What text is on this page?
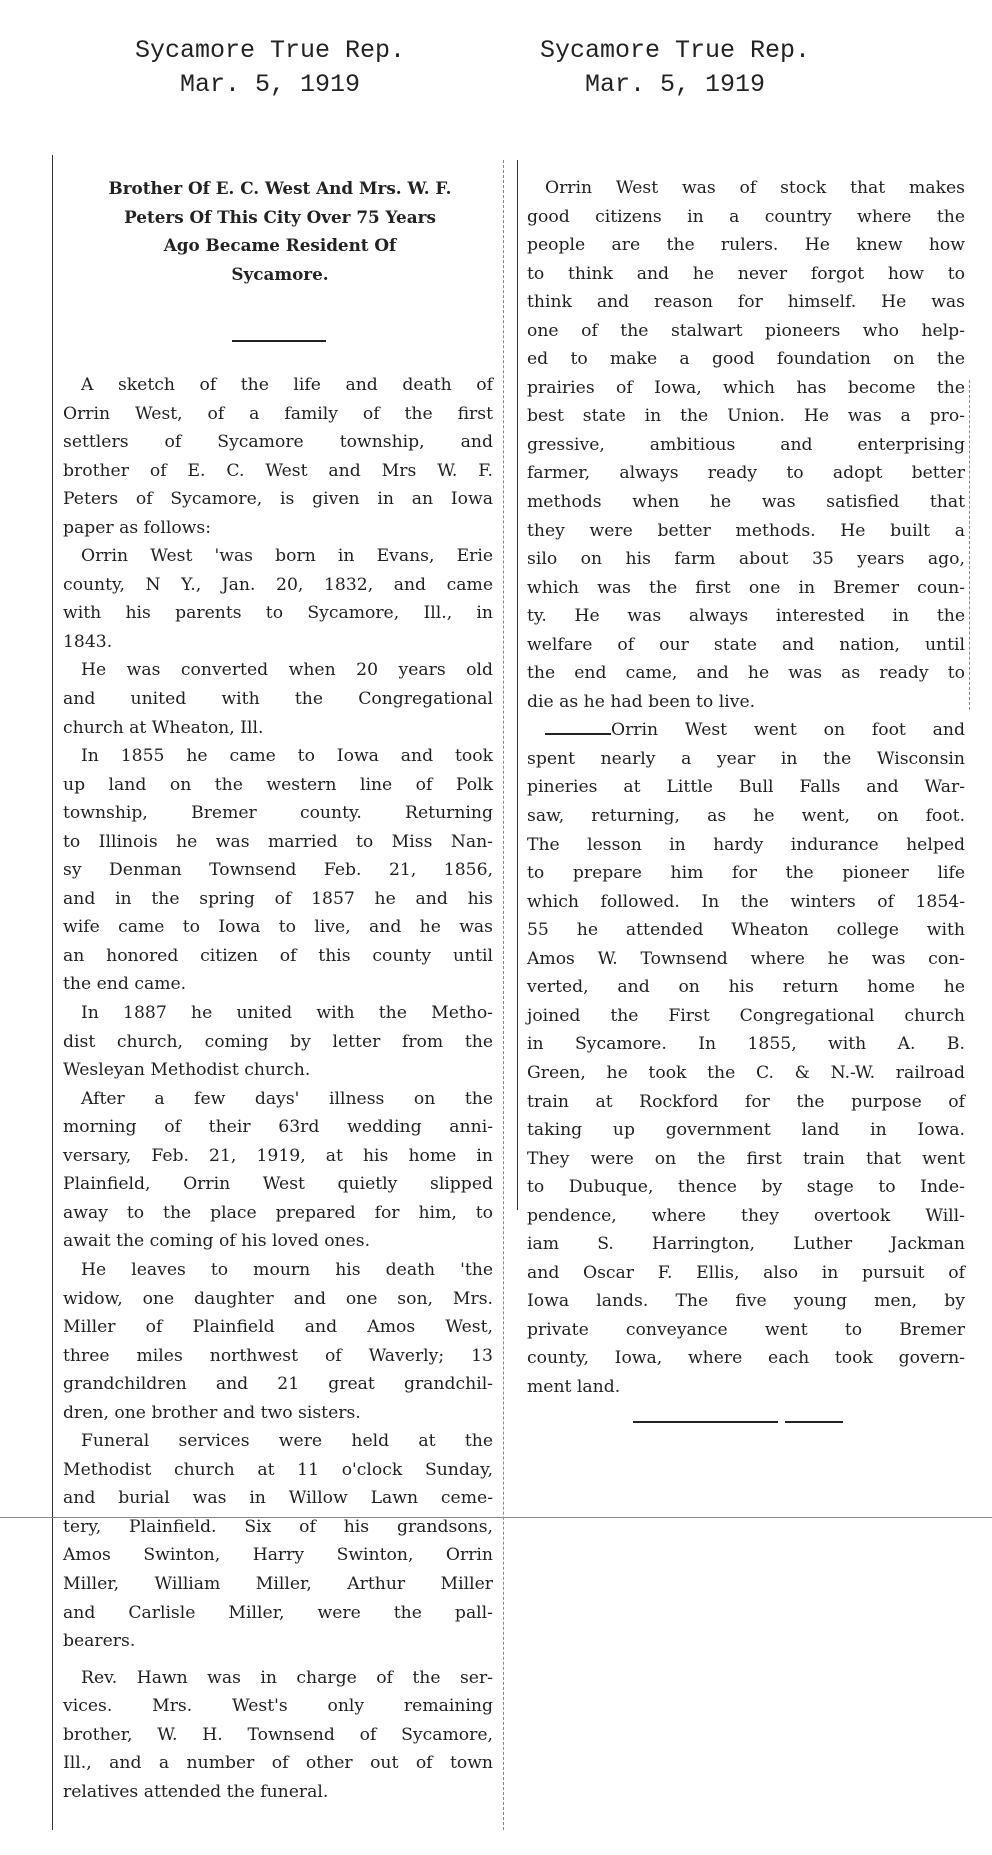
Sycamore True Rep.
Mar. 5, 1919
Sycamore True Rep.
Mar. 5, 1919
Brother Of E. C. West And Mrs. W. F.
Peters Of This City Over 75 Years
Ago Became Resident Of
Sycamore.
A sketch of the life and death of
Orrin West, of a family of the first
settlers of Sycamore township, and
brother of E. C. West and Mrs W. F.
Peters of Sycamore, is given in an Iowa
paper as follows:
Orrin West 'was born in Evans, Erie
county, N Y., Jan. 20, 1832, and came
with his parents to Sycamore, Ill., in
1843.
He was converted when 20 years old
and united with the Congregational
church at Wheaton, Ill.
In 1855 he came to Iowa and took
up land on the western line of Polk
township, Bremer county. Returning
to Illinois he was married to Miss Nan-
sy Denman Townsend Feb. 21, 1856,
and in the spring of 1857 he and his
wife came to Iowa to live, and he was
an honored citizen of this county until
the end came.
In 1887 he united with the Metho-
dist church, coming by letter from the
Wesleyan Methodist church.
After a few days' illness on the
morning of their 63rd wedding anni-
versary, Feb. 21, 1919, at his home in
Plainfield, Orrin West quietly slipped
away to the place prepared for him, to
await the coming of his loved ones.
He leaves to mourn his death 'the
widow, one daughter and one son, Mrs.
Miller of Plainfield and Amos West,
three miles northwest of Waverly; 13
grandchildren and 21 great grandchil-
dren, one brother and two sisters.
Funeral services were held at the
Methodist church at 11 o'clock Sunday,
and burial was in Willow Lawn ceme-
tery, Plainfield. Six of his grandsons,
Amos Swinton, Harry Swinton, Orrin
Miller, William Miller, Arthur Miller
and Carlisle Miller, were the pall-
bearers.
Rev. Hawn was in charge of the ser-
vices. Mrs. West's only remaining
brother, W. H. Townsend of Sycamore,
Ill., and a number of other out of town
relatives attended the funeral.
Orrin West was of stock that makes
good citizens in a country where the
people are the rulers. He knew how
to think and he never forgot how to
think and reason for himself. He was
one of the stalwart pioneers who help-
ed to make a good foundation on the
prairies of Iowa, which has become the
best state in the Union. He was a pro-
gressive, ambitious and enterprising
farmer, always ready to adopt better
methods when he was satisfied that
they were better methods. He built a
silo on his farm about 35 years ago,
which was the first one in Bremer coun-
ty. He was always interested in the
welfare of our state and nation, until
the end came, and he was as ready to
die as he had been to live.
Orrin West went on foot and
spent nearly a year in the Wisconsin
pineries at Little Bull Falls and War-
saw, returning, as he went, on foot.
The lesson in hardy indurance helped
to prepare him for the pioneer life
which followed. In the winters of 1854-
55 he attended Wheaton college with
Amos W. Townsend where he was con-
verted, and on his return home he
joined the First Congregational church
in Sycamore. In 1855, with A. B.
Green, he took the C. & N.-W. railroad
train at Rockford for the purpose of
taking up government land in Iowa.
They were on the first train that went
to Dubuque, thence by stage to Inde-
pendence, where they overtook Will-
iam S. Harrington, Luther Jackman
and Oscar F. Ellis, also in pursuit of
Iowa lands. The five young men, by
private conveyance went to Bremer
county, Iowa, where each took govern-
ment land.
